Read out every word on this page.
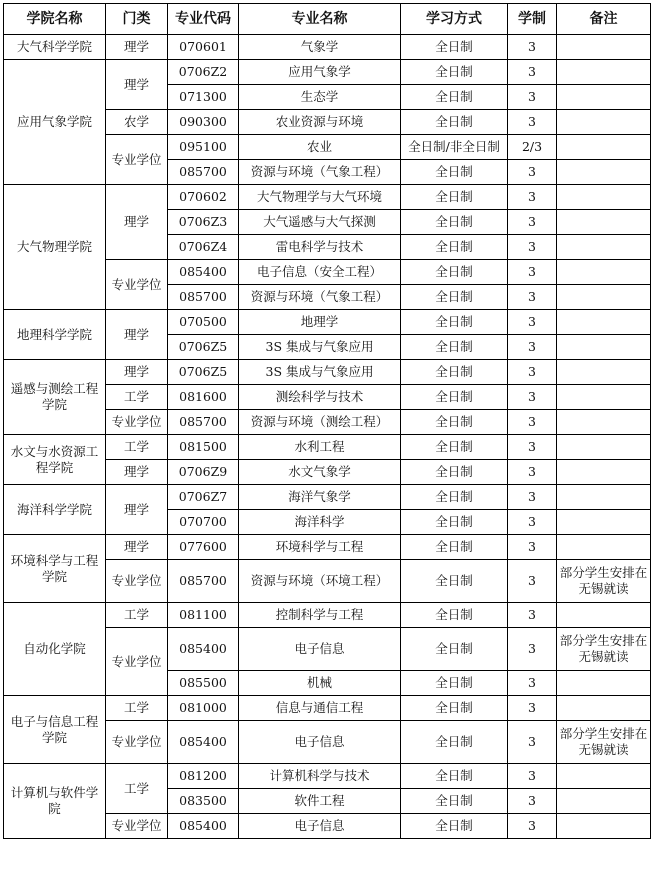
学院名称	门类	专业代码	专业名称	学习方式	学制	备注
大气科学学院	理学	070601	气象学	全日制	3	
应用气象学院	理学	0706Z2	应用气象学	全日制	3	
		071300	生态学	全日制	3	
	农学	090300	农业资源与环境	全日制	3	
	专业学位	095100	农业	全日制/非全日制	2/3	
		085700	资源与环境（气象工程）	全日制	3	
大气物理学院	理学	070602	大气物理学与大气环境	全日制	3	
		0706Z3	大气遥感与大气探测	全日制	3	
		0706Z4	雷电科学与技术	全日制	3	
	专业学位	085400	电子信息（安全工程）	全日制	3	
		085700	资源与环境（气象工程）	全日制	3	
地理科学学院	理学	070500	地理学	全日制	3	
		0706Z5	3S 集成与气象应用	全日制	3	
遥感与测绘工程学院	理学	0706Z5	3S 集成与气象应用	全日制	3	
	工学	081600	测绘科学与技术	全日制	3	
	专业学位	085700	资源与环境（测绘工程）	全日制	3	
水文与水资源工程学院	工学	081500	水利工程	全日制	3	
	理学	0706Z9	水文气象学	全日制	3	
海洋科学学院	理学	0706Z7	海洋气象学	全日制	3	
		070700	海洋科学	全日制	3	
环境科学与工程学院	理学	077600	环境科学与工程	全日制	3	
	专业学位	085700	资源与环境（环境工程）	全日制	3	部分学生安排在无锡就读
自动化学院	工学	081100	控制科学与工程	全日制	3	
	专业学位	085400	电子信息	全日制	3	部分学生安排在无锡就读
		085500	机械	全日制	3	
电子与信息工程学院	工学	081000	信息与通信工程	全日制	3	
	专业学位	085400	电子信息	全日制	3	部分学生安排在无锡就读
计算机与软件学院	工学	081200	计算机科学与技术	全日制	3	
		083500	软件工程	全日制	3	
	专业学位	085400	电子信息	全日制	3	
